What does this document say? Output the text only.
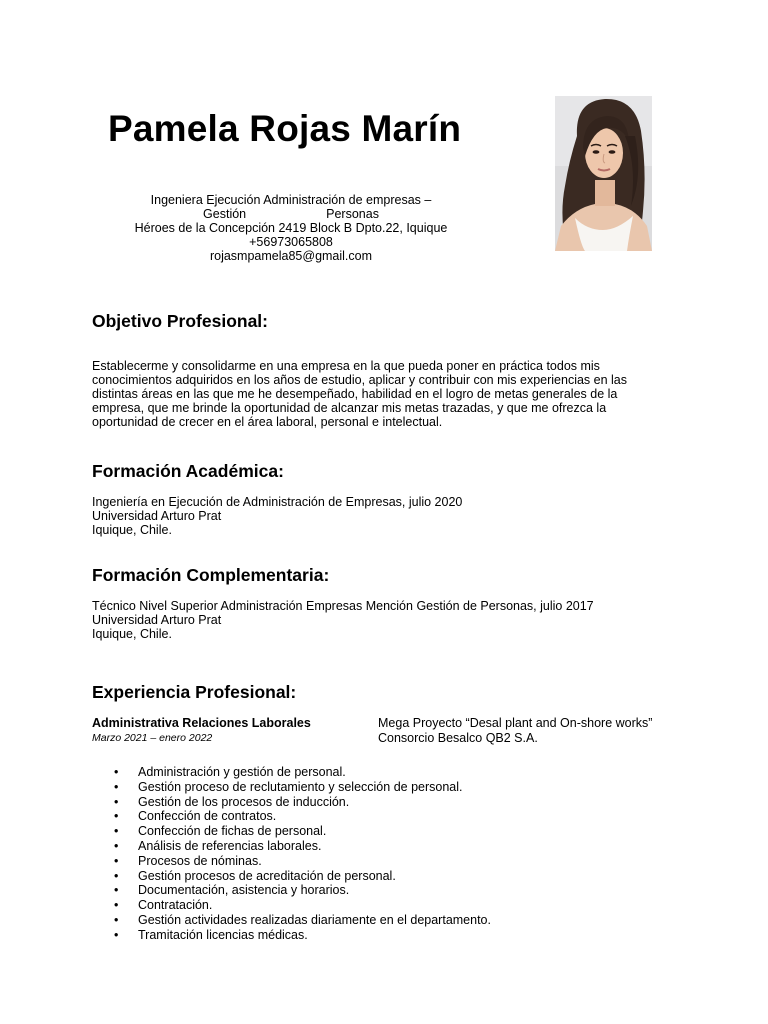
Pamela Rojas Marín
Ingeniera Ejecución Administración de empresas –
Gestión	Personas
Héroes de la Concepción 2419 Block B Dpto.22, Iquique
+56973065808
rojasmpamela85@gmail.com
Objetivo Profesional:

Establecerme y consolidarme en una empresa en la que pueda poner en práctica todos mis

conocimientos adquiridos en los años de estudio, aplicar y contribuir con mis experiencias en las

distintas áreas en las que me he desempeñado, habilidad en el logro de metas generales de la

empresa, que me brinde la oportunidad de alcanzar mis metas trazadas, y que me ofrezca la

oportunidad de crecer en el área laboral, personal e intelectual.

Formación Académica:

Ingeniería en Ejecución de Administración de Empresas, julio 2020

Universidad Arturo Prat

Iquique, Chile.

Formación Complementaria:

Técnico Nivel Superior Administración Empresas Mención Gestión de Personas, julio 2017

Universidad Arturo Prat

Iquique, Chile.

Experiencia Profesional:
Administrativa Relaciones Laborales
Marzo 2021 – enero 2022
Mega Proyecto “Desal plant and On-shore works”
Consorcio Besalco QB2 S.A.
• Administración y gestión de personal.
• Gestión proceso de reclutamiento y selección de personal.
• Gestión de los procesos de inducción.
• Confección de contratos.
• Confección de fichas de personal.
• Análisis de referencias laborales.
• Procesos de nóminas.
• Gestión procesos de acreditación de personal.
• Documentación, asistencia y horarios.
• Contratación.
• Gestión actividades realizadas diariamente en el departamento.
• Tramitación licencias médicas.
